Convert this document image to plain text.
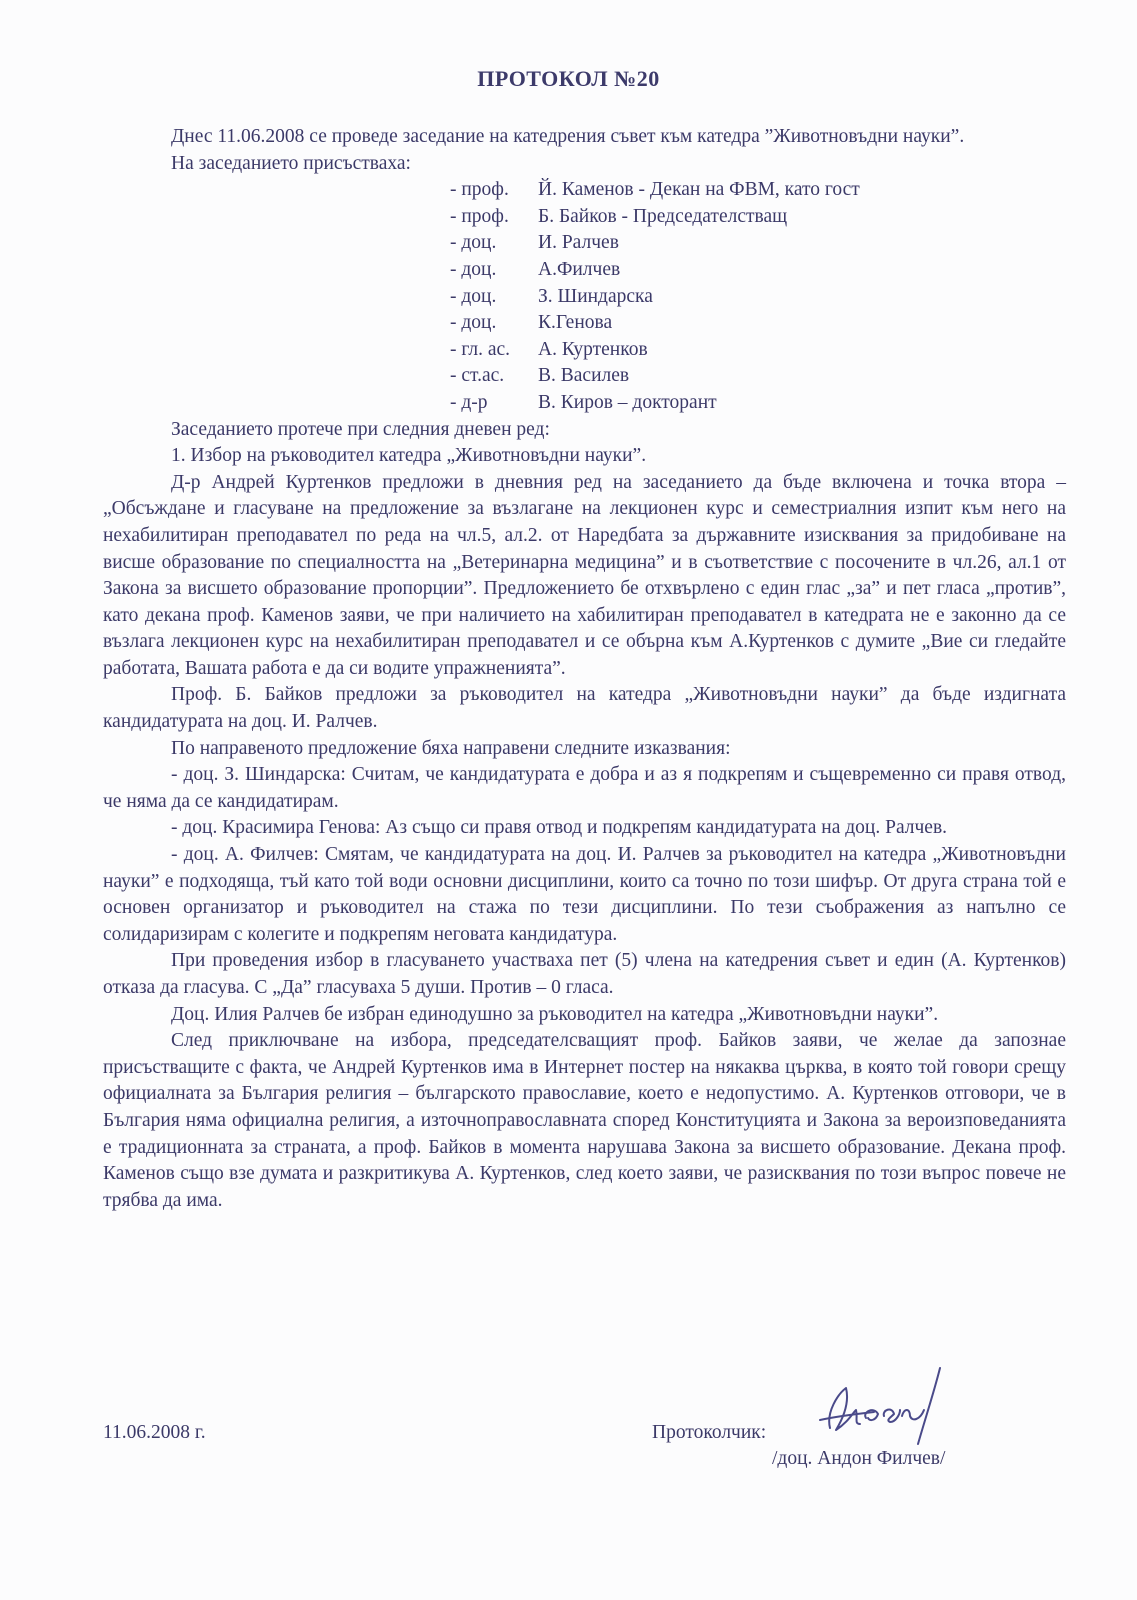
ПРОТОКОЛ №20

Днес 11.06.2008 се проведе заседание на катедрения съвет към катедра ”Животновъдни науки”.

На заседанието присъстваха:

- проф. Й. Каменов - Декан на ФВМ, като гост
- проф. Б. Байков - Председателстващ
- доц. И. Ралчев
- доц. А.Филчев
- доц. З. Шиндарска
- доц. К.Генова
- гл. ас. А. Куртенков
- ст.ас. В. Василев
- д-р	В. Киров – докторант

Заседанието протече при следния дневен ред:

1. Избор на ръководител катедра „Животновъдни науки”.

Д-р Андрей Куртенков предложи в дневния ред на заседанието да бъде включена и точка втора – „Обсъждане и гласуване на предложение за възлагане на лекционен курс и семестриалния изпит към него на нехабилитиран преподавател по реда на чл.5, ал.2. от Наредбата за държавните изисквания за придобиване на висше образование по специалността на „Ветеринарна медицина” и в съответствие с посочените в чл.26, ал.1 от Закона за висшето образование пропорции”. Предложението бе отхвърлено с един глас „за” и пет гласа „против”, като декана проф. Каменов заяви, че при наличието на хабилитиран преподавател в катедрата не е законно да се възлага лекционен курс на нехабилитиран преподавател и се обърна към А.Куртенков с думите „Вие си гледайте работата, Вашата работа е да си водите упражненията”.

Проф. Б. Байков предложи за ръководител на катедра „Животновъдни науки” да бъде издигната кандидатурата на доц. И. Ралчев.

По направеното предложение бяха направени следните изказвания:

- доц. З. Шиндарска: Считам, че кандидатурата е добра и аз я подкрепям и същевременно си правя отвод, че няма да се кандидатирам.

- доц. Красимира Генова: Аз също си правя отвод и подкрепям кандидатурата на доц. Ралчев.

- доц. А. Филчев: Смятам, че кандидатурата на доц. И. Ралчев за ръководител на катедра „Животновъдни науки” е подходяща, тъй като той води основни дисциплини, които са точно по този шифър. От друга страна той е основен организатор и ръководител на стажа по тези дисциплини. По тези съображения аз напълно се солидаризирам с колегите и подкрепям неговата кандидатура.

При проведения избор в гласуването участваха пет (5) члена на катедрения съвет и един (А. Куртенков) отказа да гласува. С „Да” гласуваха 5 души. Против – 0 гласа.

Доц. Илия Ралчев бе избран единодушно за ръководител на катедра „Животновъдни науки”.

След приключване на избора, председателсващият проф. Байков заяви, че желае да запознае присъстващите с факта, че Андрей Куртенков има в Интернет постер на някаква църква, в която той говори срещу официалната за България религия – българското православие, което е недопустимо. А. Куртенков отговори, че в България няма официална религия, а източноправославната според Конституцията и Закона за вероизповеданията е традиционната за страната, а проф. Байков в момента нарушава Закона за висшето образование. Декана проф. Каменов също взе думата и разкритикува А. Куртенков, след което заяви, че разисквания по този въпрос повече не трябва да има.

11.06.2008 г.	Протоколчик:
/доц. Андон Филчев/
